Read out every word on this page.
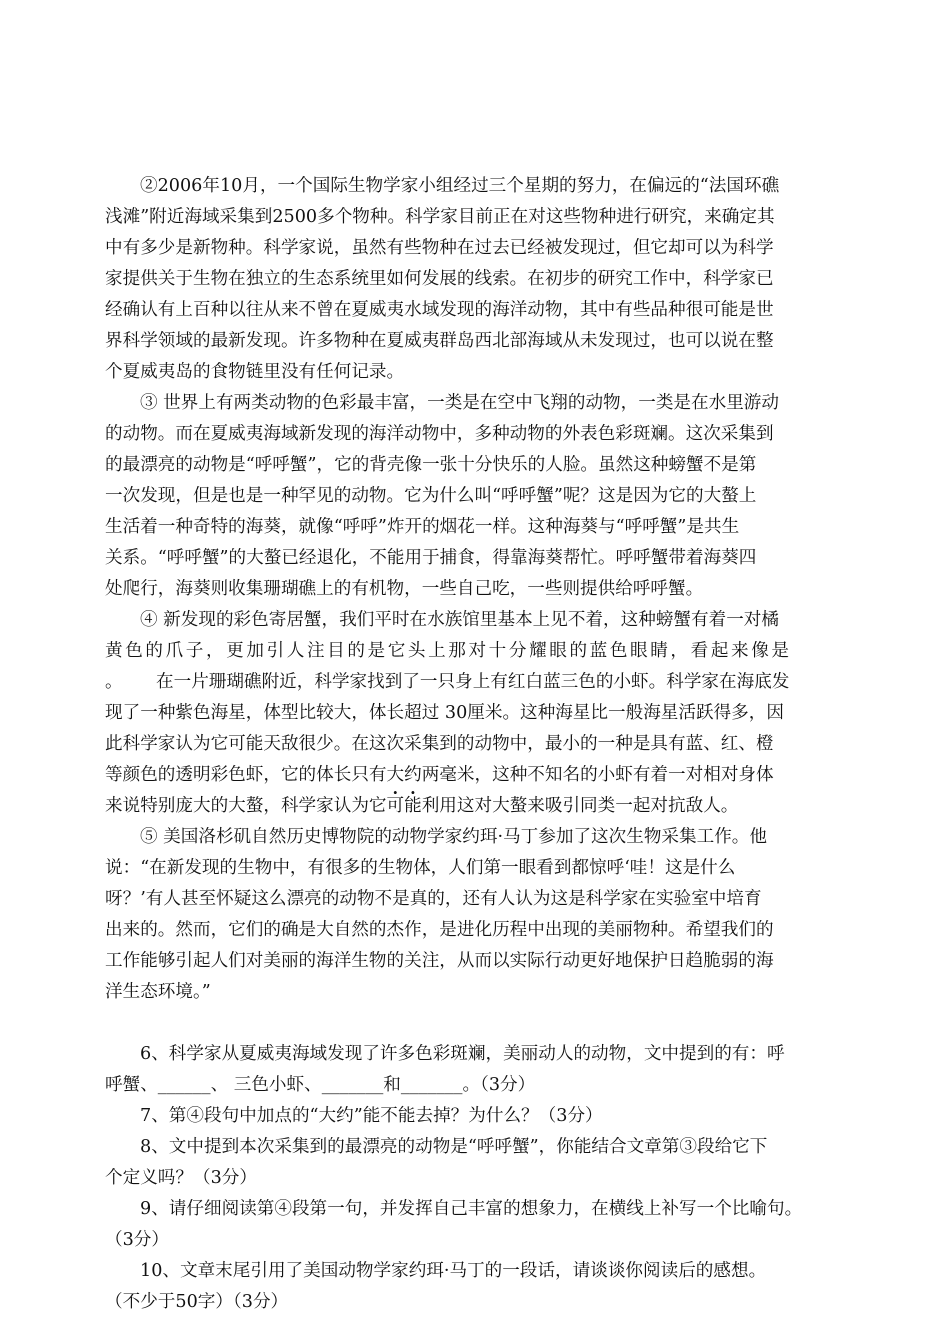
②2006年10月，一个国际生物学家小组经过三个星期的努力，在偏远的“法国环礁
浅滩”附近海域采集到2500多个物种。科学家目前正在对这些物种进行研究，来确定其
中有多少是新物种。科学家说，虽然有些物种在过去已经被发现过，但它却可以为科学
家提供关于生物在独立的生态系统里如何发展的线索。在初步的研究工作中，科学家已
经确认有上百种以往从来不曾在夏威夷水域发现的海洋动物，其中有些品种很可能是世
界科学领域的最新发现。许多物种在夏威夷群岛西北部海域从未发现过，也可以说在整
个夏威夷岛的食物链里没有任何记录。
③ 世界上有两类动物的色彩最丰富，一类是在空中飞翔的动物，一类是在水里游动
的动物。而在夏威夷海域新发现的海洋动物中，多种动物的外表色彩斑斓。这次采集到
的最漂亮的动物是“呼呼蟹”，它的背壳像一张十分快乐的人脸。虽然这种螃蟹不是第
一次发现，但是也是一种罕见的动物。它为什么叫“呼呼蟹”呢？这是因为它的大螯上
生活着一种奇特的海葵，就像“呼呼”炸开的烟花一样。这种海葵与“呼呼蟹”是共生
关系。“呼呼蟹”的大螯已经退化，不能用于捕食，得靠海葵帮忙。呼呼蟹带着海葵四
处爬行，海葵则收集珊瑚礁上的有机物，一些自己吃，一些则提供给呼呼蟹。
④ 新发现的彩色寄居蟹，我们平时在水族馆里基本上见不着，这种螃蟹有着一对橘
黄色的爪子，更加引人注目的是它头上那对十分耀眼的蓝色眼睛，看起来像是
。 在一片珊瑚礁附近，科学家找到了一只身上有红白蓝三色的小虾。科学家在海底发
现了一种紫色海星，体型比较大，体长超过 30厘米。这种海星比一般海星活跃得多，因
此科学家认为它可能天敌很少。在这次采集到的动物中，最小的一种是具有蓝、红、橙
等颜色的透明彩色虾，它的体长只有大约两毫米，这种不知名的小虾有着一对相对身体
来说特别庞大的大螯，科学家认为它可能利用这对大螯来吸引同类一起对抗敌人。
⑤ 美国洛杉矶自然历史博物院的动物学家约珥·马丁参加了这次生物采集工作。他
说：“在新发现的生物中，有很多的生物体，人们第一眼看到都惊呼‘哇！这是什么
呀？’有人甚至怀疑这么漂亮的动物不是真的，还有人认为这是科学家在实验室中培育
出来的。然而，它们的确是大自然的杰作，是进化历程中出现的美丽物种。希望我们的
工作能够引起人们对美丽的海洋生物的关注，从而以实际行动更好地保护日趋脆弱的海
洋生态环境。”
6、科学家从夏威夷海域发现了许多色彩斑斓，美丽动人的动物，文中提到的有：呼
呼蟹、______、 三色小虾、_______和_______。（3分）
7、第④段句中加点的“大约”能不能去掉？为什么？（3分）
8、文中提到本次采集到的最漂亮的动物是“呼呼蟹”，你能结合文章第③段给它下
个定义吗？（3分）
9、请仔细阅读第④段第一句，并发挥自己丰富的想象力，在横线上补写一个比喻句。
（3分）
10、文章末尾引用了美国动物学家约珥·马丁的一段话，请谈谈你阅读后的感想。
（不少于50字）（3分）
